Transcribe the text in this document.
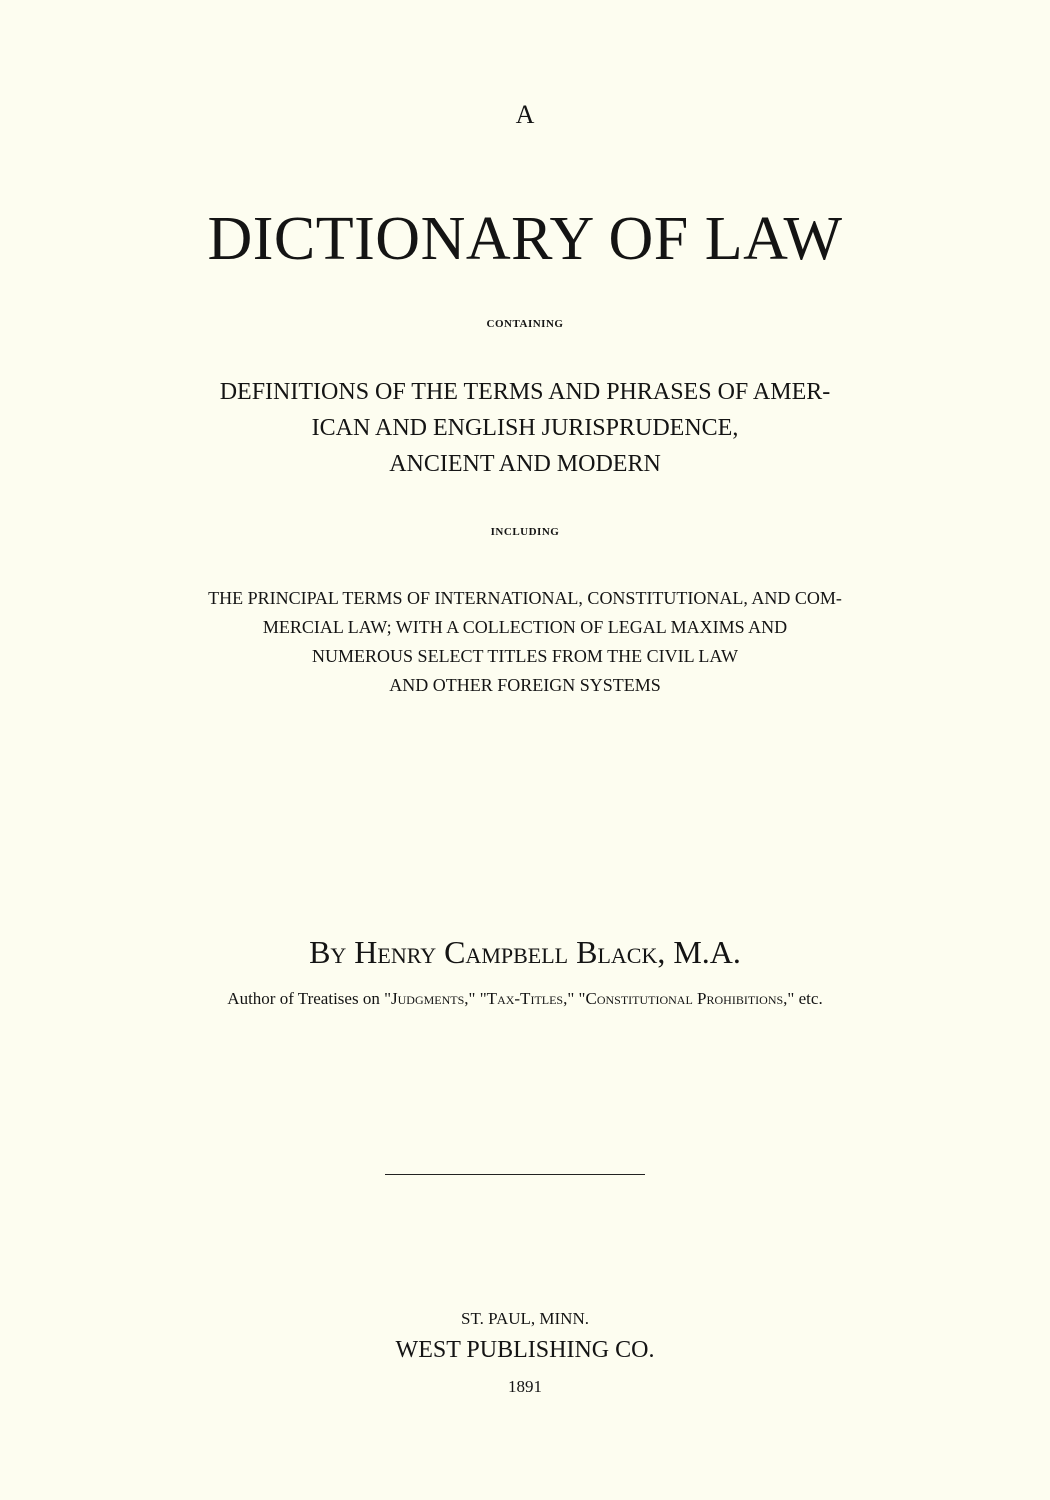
A
DICTIONARY OF LAW
CONTAINING
DEFINITIONS OF THE TERMS AND PHRASES OF AMER-
ICAN AND ENGLISH JURISPRUDENCE,
ANCIENT AND MODERN
INCLUDING
THE PRINCIPAL TERMS OF INTERNATIONAL, CONSTITUTIONAL, AND COM-
MERCIAL LAW; WITH A COLLECTION OF LEGAL MAXIMS AND
NUMEROUS SELECT TITLES FROM THE CIVIL LAW
AND OTHER FOREIGN SYSTEMS
By Henry Campbell Black, M.A.
Author of Treatises on "Judgments," "Tax-Titles," "Constitutional Prohibitions," etc.
ST. PAUL, MINN.
WEST PUBLISHING CO.
1891
